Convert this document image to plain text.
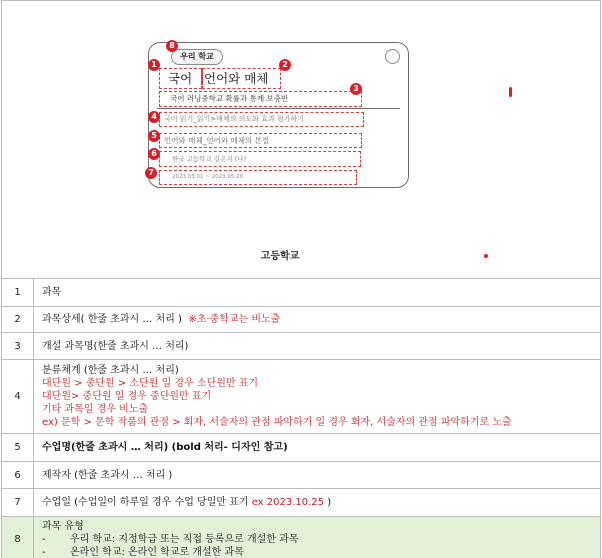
우리 학교
국어 언어와 매체
국어 러닝중학교 확률과 통계 보충반
국어 읽기_읽기>매체의 의도와 효과 평가하기
언어와 매체_언어와 매체의 본질
한국 고등학교 김은지 (나)
2023.03.01 ~ 2023.05.20
8
1	2
3
4
5
6
7
고등학교
1	과목
2	과목상세( 한줄 초과시 … 처리 ) ※초·중학교는 비노출
3	개설 과목명(한줄 초과시 … 처리)
4	분류체계 (한줄 초과시 … 처리)
대단원 > 중단원 > 소단원 일 경우 소단원만 표기
대단원> 중단원 일 경우 중단원만 표기
기타 과목일 경우 비노출
ex) 문학 > 문학 작품의 관점 > 회자, 서술자의 관점 파악하기 일 경우 회자, 서술자의 관점 파악하기로 노출

5	수업명(한줄 초과시 … 처리) (bold 처리- 디자인 참고)
6	제작자 (한줄 초과시 … 처리 )
7	수업일 (수업일이 하루일 경우 수업 당일만 표기 ex 2023.10.25 )
8	과목 유형
- 우리 학교: 지정학급 또는 직접 등록으로 개설한 과목
- 온라인 학교: 온라인 학교로 개설한 과목
